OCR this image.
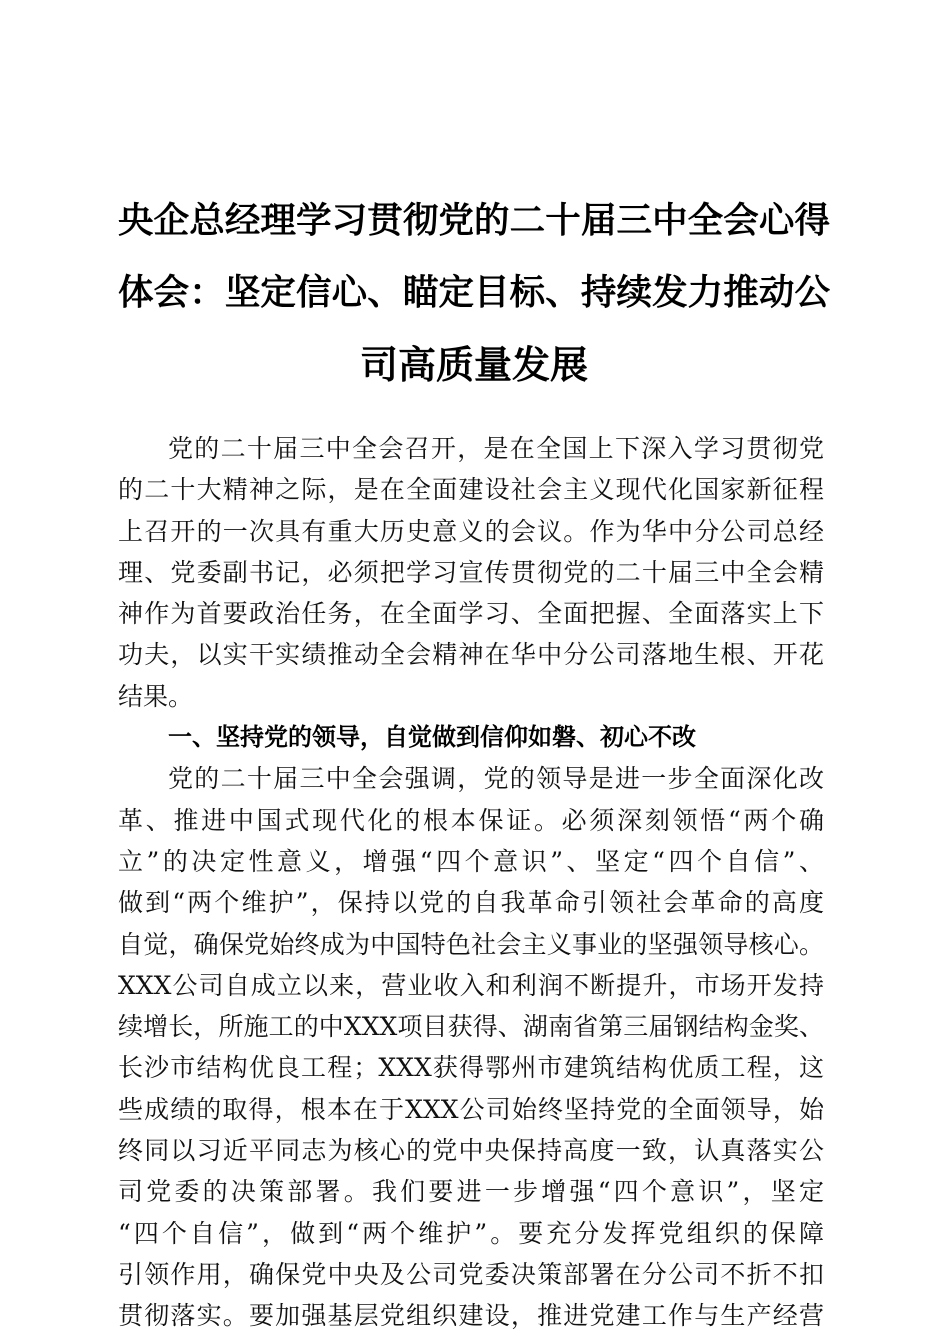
央企总经理学习贯彻党的二十届三中全会心得
体会：坚定信心、瞄定目标、持续发力推动公
司高质量发展
党的二十届三中全会召开，是在全国上下深入学习贯彻党
的二十大精神之际，是在全面建设社会主义现代化国家新征程
上召开的一次具有重大历史意义的会议。作为华中分公司总经
理、党委副书记，必须把学习宣传贯彻党的二十届三中全会精
神作为首要政治任务，在全面学习、全面把握、全面落实上下
功夫，以实干实绩推动全会精神在华中分公司落地生根、开花
结果。
一、坚持党的领导，自觉做到信仰如磐、初心不改
党的二十届三中全会强调，党的领导是进一步全面深化改
革、推进中国式现代化的根本保证。必须深刻领悟“两个确
立”的决定性意义，增强“四个意识”、坚定“四个自信”、
做到“两个维护”，保持以党的自我革命引领社会革命的高度
自觉，确保党始终成为中国特色社会主义事业的坚强领导核心。
XXX公司自成立以来，营业收入和利润不断提升，市场开发持
续增长，所施工的中XXX项目获得、湖南省第三届钢结构金奖、
长沙市结构优良工程；XXX获得鄂州市建筑结构优质工程，这
些成绩的取得，根本在于XXX公司始终坚持党的全面领导，始
终同以习近平同志为核心的党中央保持高度一致，认真落实公
司党委的决策部署。我们要进一步增强“四个意识”，坚定
“四个自信”，做到“两个维护”。要充分发挥党组织的保障
引领作用，确保党中央及公司党委决策部署在分公司不折不扣
贯彻落实。要加强基层党组织建设，推进党建工作与生产经营
